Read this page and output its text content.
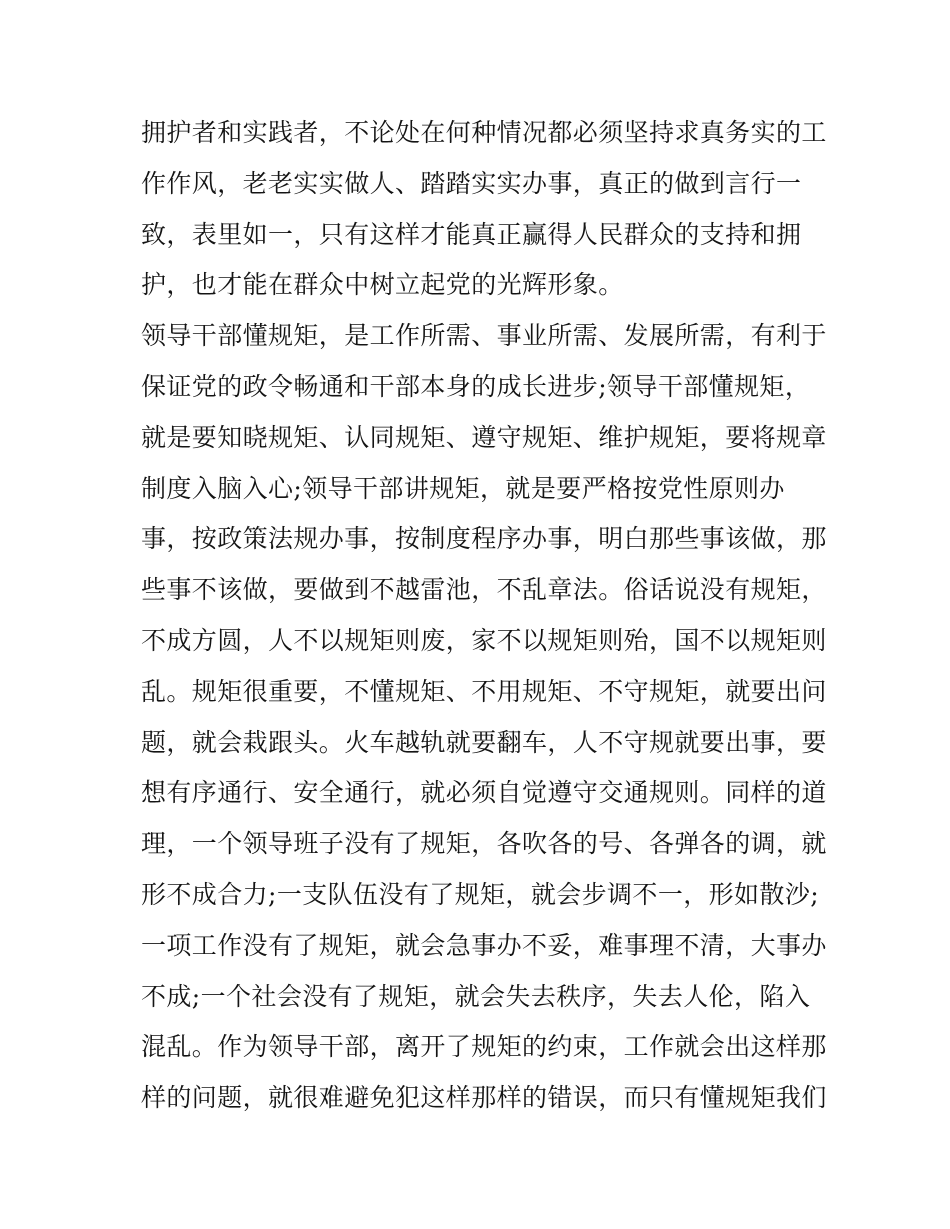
拥护者和实践者，不论处在何种情况都必须坚持求真务实的工
作作风，老老实实做人、踏踏实实办事，真正的做到言行一
致，表里如一，只有这样才能真正赢得人民群众的支持和拥
护，也才能在群众中树立起党的光辉形象。
领导干部懂规矩，是工作所需、事业所需、发展所需，有利于
保证党的政令畅通和干部本身的成长进步;领导干部懂规矩，
就是要知晓规矩、认同规矩、遵守规矩、维护规矩，要将规章
制度入脑入心;领导干部讲规矩，就是要严格按党性原则办
事，按政策法规办事，按制度程序办事，明白那些事该做，那
些事不该做，要做到不越雷池，不乱章法。俗话说没有规矩，
不成方圆，人不以规矩则废，家不以规矩则殆，国不以规矩则
乱。规矩很重要，不懂规矩、不用规矩、不守规矩，就要出问
题，就会栽跟头。火车越轨就要翻车，人不守规就要出事，要
想有序通行、安全通行，就必须自觉遵守交通规则。同样的道
理，一个领导班子没有了规矩，各吹各的号、各弹各的调，就
形不成合力;一支队伍没有了规矩，就会步调不一，形如散沙;
一项工作没有了规矩，就会急事办不妥，难事理不清，大事办
不成;一个社会没有了规矩，就会失去秩序，失去人伦，陷入
混乱。作为领导干部，离开了规矩的约束，工作就会出这样那
样的问题，就很难避免犯这样那样的错误，而只有懂规矩我们
